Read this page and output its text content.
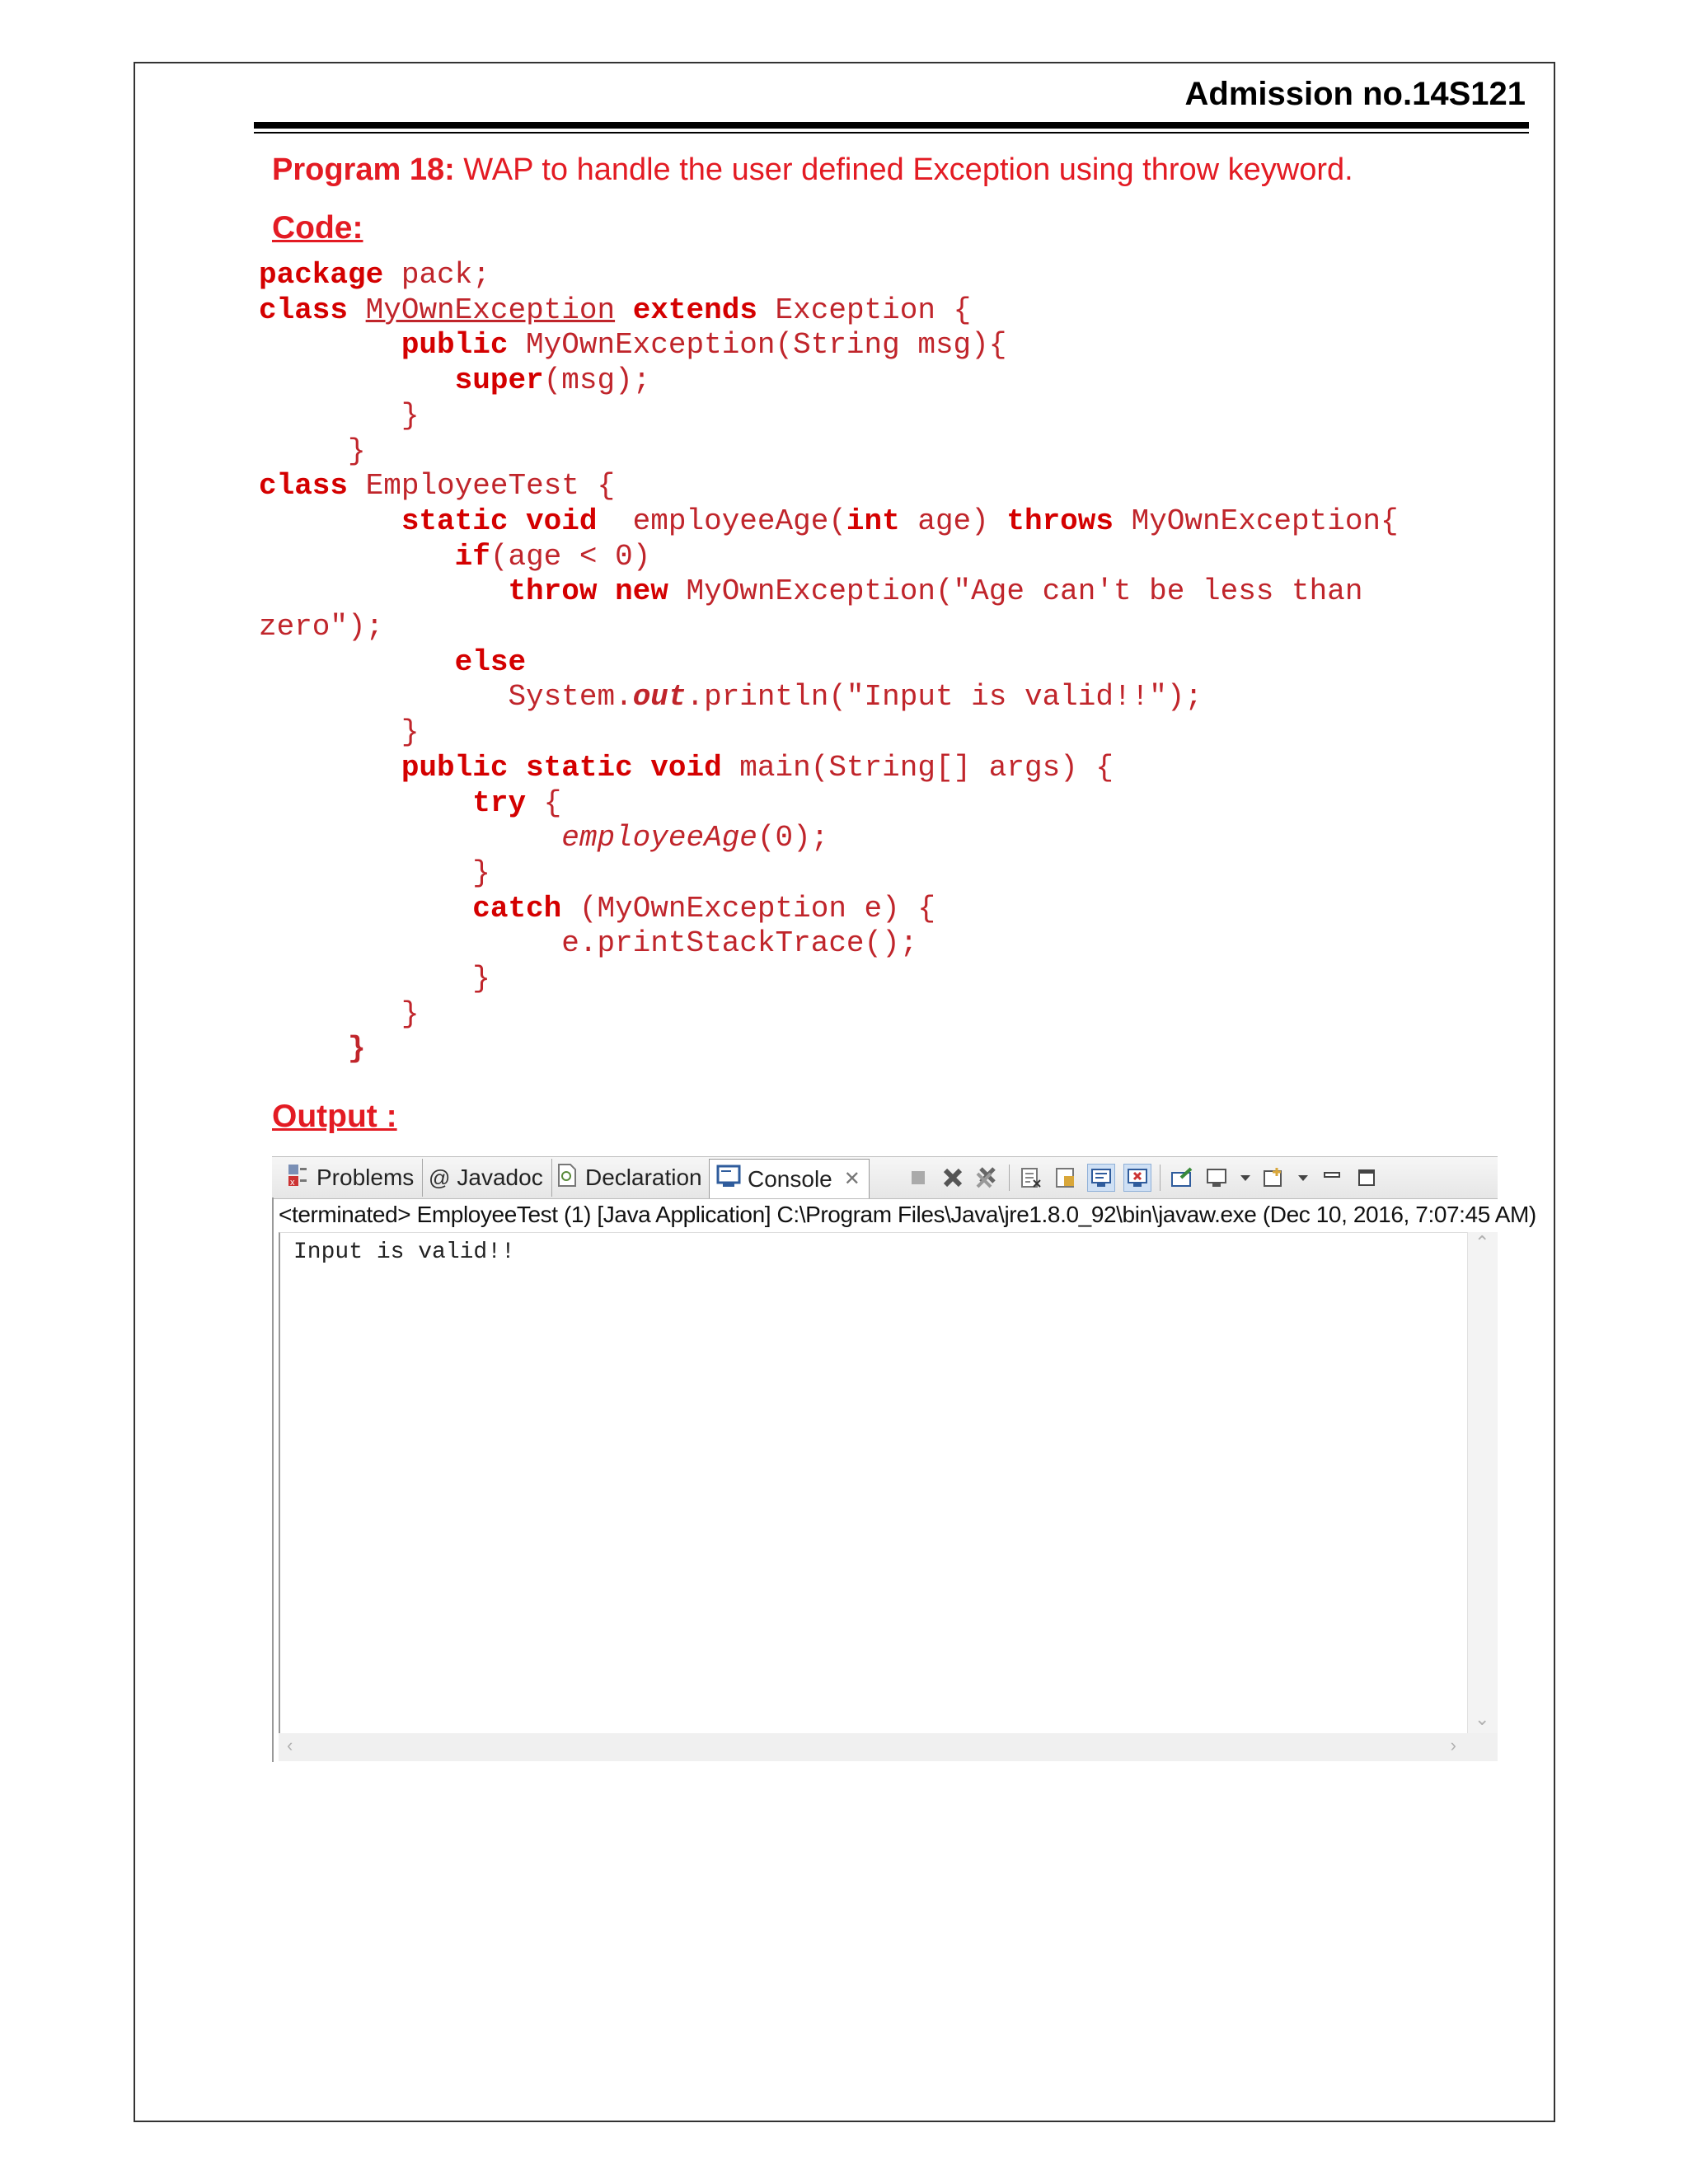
Admission no.14S121
Program 18: WAP to handle the user defined Exception using throw keyword.
Code:
package pack;
class MyOwnException extends Exception {
public MyOwnException(String msg){
super(msg);
}
}
class EmployeeTest {
static void  employeeAge(int age) throws MyOwnException{
if(age < 0)
throw new MyOwnException("Age can't be less than
zero");
else
System.out.println("Input is valid!!");
}
public static void main(String[] args) {
try {
employeeAge(0);
}
catch (MyOwnException e) {
e.printStackTrace();
}
}
}
Output :
x Problems @ Javadoc Declaration Console ✕
<terminated> EmployeeTest (1) [Java Application] C:\Program Files\Java\jre1.8.0_92\bin\javaw.exe (Dec 10, 2016, 7:07:45 AM)
Input is valid!!	⌃
⌄
‹	›
